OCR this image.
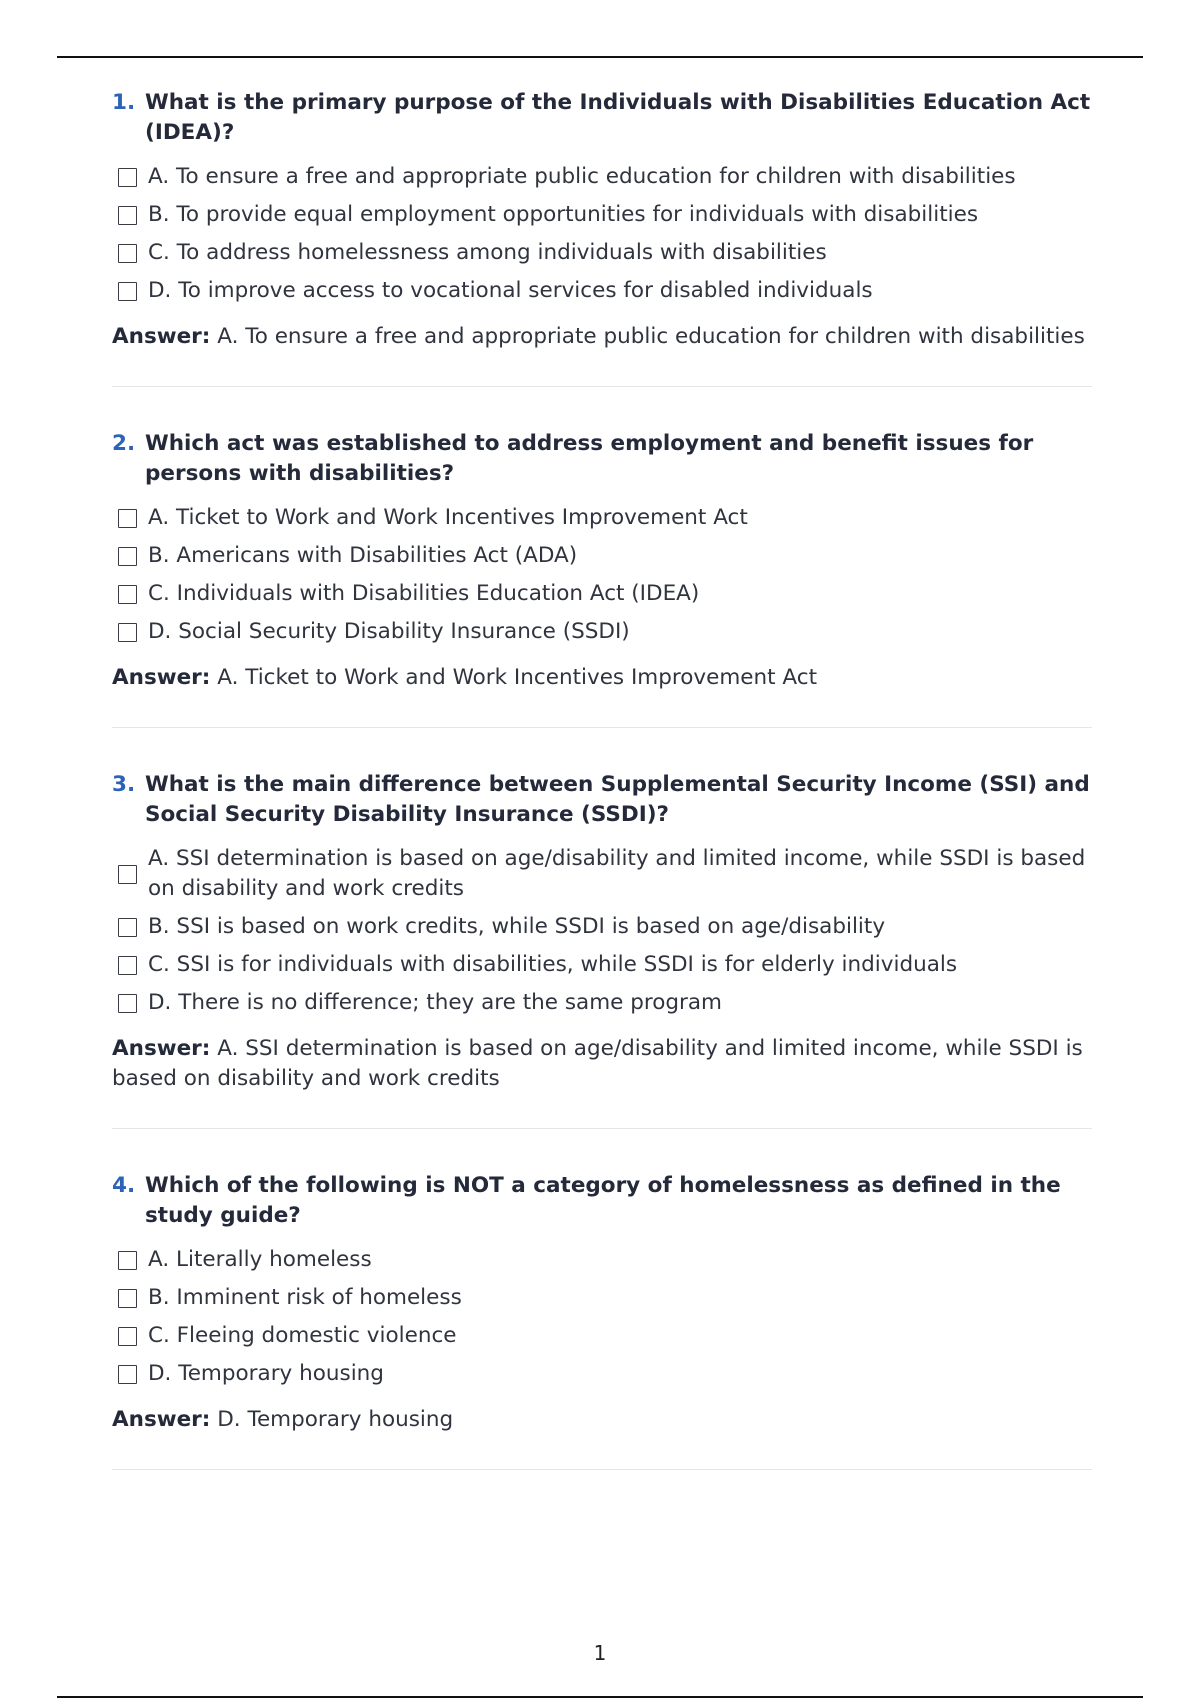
1. What is the primary purpose of the Individuals with Disabilities Education Act (IDEA)?
A. To ensure a free and appropriate public education for children with disabilities
B. To provide equal employment opportunities for individuals with disabilities
C. To address homelessness among individuals with disabilities
D. To improve access to vocational services for disabled individuals
Answer: A. To ensure a free and appropriate public education for children with disabilities
2. Which act was established to address employment and benefit issues for persons with disabilities?
A. Ticket to Work and Work Incentives Improvement Act
B. Americans with Disabilities Act (ADA)
C. Individuals with Disabilities Education Act (IDEA)
D. Social Security Disability Insurance (SSDI)
Answer: A. Ticket to Work and Work Incentives Improvement Act
3. What is the main difference between Supplemental Security Income (SSI) and Social Security Disability Insurance (SSDI)?
A. SSI determination is based on age/disability and limited income, while SSDI is based on disability and work credits
B. SSI is based on work credits, while SSDI is based on age/disability
C. SSI is for individuals with disabilities, while SSDI is for elderly individuals
D. There is no difference; they are the same program
Answer: A. SSI determination is based on age/disability and limited income, while SSDI is based on disability and work credits
4. Which of the following is NOT a category of homelessness as defined in the study guide?
A. Literally homeless
B. Imminent risk of homeless
C. Fleeing domestic violence
D. Temporary housing
Answer: D. Temporary housing
1
